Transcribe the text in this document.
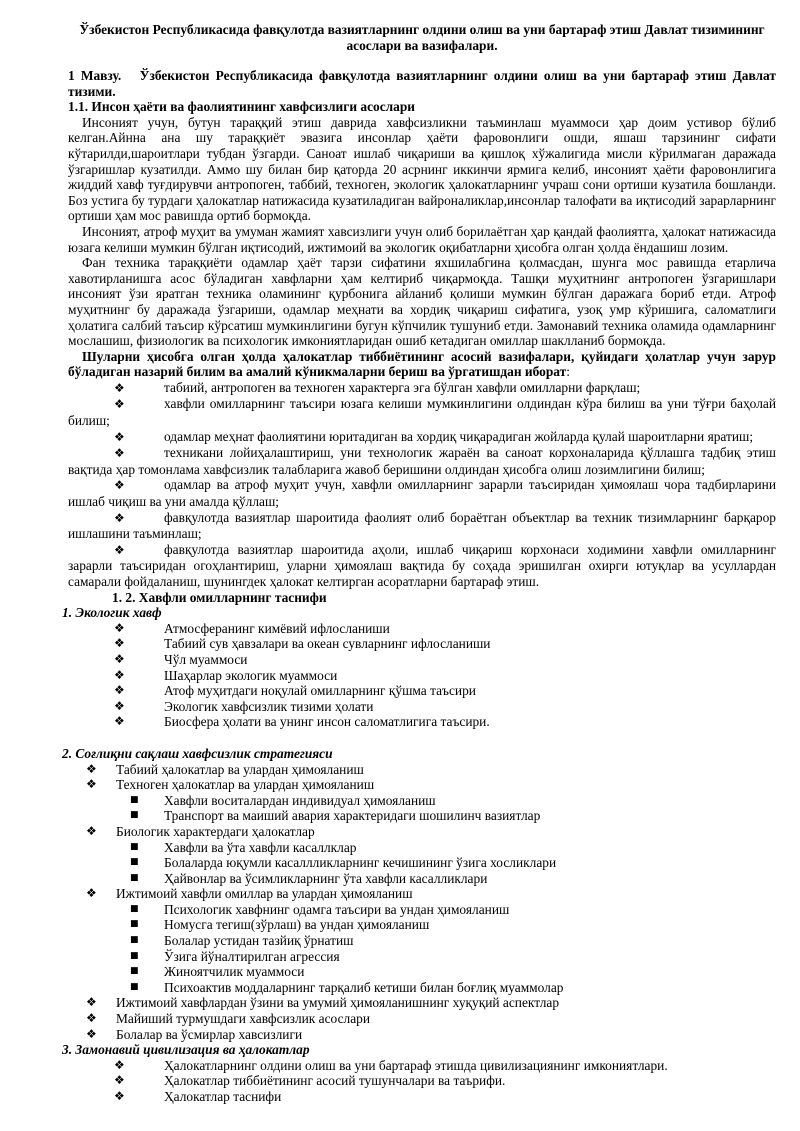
Ўзбекистон Республикасида фавқулотда вазиятларнинг олдини олиш ва уни бартараф этиш Давлат тизимининг асослари ва вазифалари.

1 Мавзу. Ўзбекистон Республикасида фавқулотда вазиятларнинг олдини олиш ва уни бартараф этиш Давлат тизими.

1.1. Инсон ҳаёти ва фаолиятининг хавфсизлиги асослари

Инсоният учун, бутун тараққий этиш даврида хавфсизликни таъминлаш муаммоси ҳар доим устивор бўлиб келган.Айнна ана шу тараққиёт эвазига инсонлар ҳаёти фаровонлиги ошди, яшаш тарзининг сифати кўтарилди,шароитлари тубдан ўзгарди. Саноат ишлаб чиқариши ва қишлоқ хўжалигида мисли кўрилмаган даражада ўзгаришлар кузатилди. Аммо шу билан бир қаторда 20 асрнинг иккинчи ярмига келиб, инсоният ҳаёти фаровонлигига жиддий хавф туғдирувчи антропоген, таббий, техноген, экологик ҳалокатларнинг учраш сони ортиши кузатила бошланди. Боз устига бу турдаги ҳалокатлар натижасида кузатиладиган вайроналиклар,инсонлар талофати ва иқтисодий зарарларнинг ортиши ҳам мос равишда ортиб бормоқда.

Инсоният, атроф муҳит ва умуман жамият хавсизлиги учун олиб борилаётган ҳар қандай фаолиятга, ҳалокат натижасида юзага келиши мумкин бўлган иқтисодий, ижтимоий ва экологик оқибатларни ҳисобга олган ҳолда ёндашиш лозим.

Фан техника тараққиёти одамлар ҳаёт тарзи сифатини яхшилабгина қолмасдан, шунга мос равишда етарлича хавотирланишга асос бўладиган хавфларни ҳам келтириб чиқармоқда. Ташқи муҳитнинг антропоген ўзгаришлари инсоният ўзи яратган техника оламининг қурбонига айланиб қолиши мумкин бўлган даражага бориб етди. Атроф муҳитнинг бу даражада ўзгариши, одамлар меҳнати ва хордиқ чиқариш сифатига, узоқ умр кўришига, саломатлиги ҳолатига салбий таъсир кўрсатиш мумкинлигини бугун кўпчилик тушуниб етди. Замонавий техника оламида одамларнинг мослашиш, физиологик ва психологик имкониятларидан ошиб кетадиган омиллар шаклланиб бормоқда.

Шуларни ҳисобга олган ҳолда ҳалокатлар тиббиётининг асосий вазифалари, қуйидаги ҳолатлар учун зарур бўладиган назарий билим ва амалий кўникмаларни бериш ва ўргатишдан иборат:

❖	табиий, антропоген ва техноген характерга эга бўлган хавфли омилларни фарқлаш;

❖	хавфли омилларнинг таъсири юзага келиши мумкинлигини олдиндан кўра билиш ва уни тўғри баҳолай билиш;

❖	одамлар меҳнат фаолиятини юритадиган ва хордиқ чиқарадиган жойларда қулай шароитларни яратиш;

❖	техникани лойиҳалаштириш, уни технологик жараён ва саноат корхоналарида қўллашга тадбиқ этиш вақтида ҳар томонлама хавфсизлик талабларига жавоб беришини олдиндан ҳисобга олиш лозимлигини билиш;

❖	одамлар ва атроф муҳит учун, хавфли омилларнинг зарарли таъсиридан ҳимоялаш чора тадбирларини ишлаб чиқиш ва уни амалда қўллаш;

❖	фавқулотда вазиятлар шароитида фаолият олиб бораётган объектлар ва техник тизимларнинг барқарор ишлашини таъминлаш;

❖	фавқулотда вазиятлар шароитида аҳоли, ишлаб чиқариш корхонаси ходимини хавфли омилларнинг зарарли таъсиридан огоҳлантириш, уларни ҳимоялаш вақтида бу соҳада эришилган охирги ютуқлар ва усуллардан самарали фойдаланиш, шунингдек ҳалокат келтирган асоратларни бартараф этиш.

1. 2. Хавфли омилларнинг таснифи
1. Экологик хавф
❖	Атмосферанинг кимёвий ифлосланиши
❖	Табиий сув ҳавзалари ва океан сувларнинг ифлосланиши
❖	Чўл муаммоси
❖	Шаҳарлар экологик муаммоси
❖	Атоф муҳитдаги ноқулай омилларнинг қўшма таъсири
❖	Экологик хавфсизлик тизими ҳолати
❖	Биосфера ҳолати ва унинг инсон саломатлигига таъсири.
2. Соғлиқни сақлаш хавфсизлик стратегияси
❖	Табиий ҳалокатлар ва улардан ҳимояланиш
❖	Техноген ҳалокатлар ва улардан ҳимояланиш
■	Хавфли воситалардан индивидуал ҳимояланиш
■	Транспорт ва маиший авария характеридаги шошилинч вазиятлар
❖	Биологик характердаги ҳалокатлар
■	Хавфли ва ўта хавфли касаллклар
■	Болаларда юқумли касаллликларнинг кечишининг ўзига хосликлари
■	Ҳайвонлар ва ўсимликларнинг ўта хавфли касалликлари
❖	Ижтимоий хавфли омиллар ва улардан ҳимояланиш
■	Психологик хавфнинг одамга таъсири ва ундан ҳимояланиш
■	Номусга тегиш(зўрлаш) ва ундан ҳимояланиш
■	Болалар устидан тазйиқ ўрнатиш
■	Ўзига йўналтирилган агрессия
■	Жиноятчилик муаммоси
■	Психоактив моддаларнинг тарқалиб кетиши билан боғлиқ муаммолар
❖	Ижтимоий хавфлардан ўзини ва умумий ҳимояланишнинг хуқуқий аспектлар
❖	Майиший турмушдаги хавфсизлик асослари
❖	Болалар ва ўсмирлар хавсизлиги
3. Замонавий цивилизация ва ҳалокатлар
❖	Ҳалокатларнинг олдини олиш ва уни бартараф этишда цивилизациянинг имкониятлари.
❖	Ҳалокатлар тиббиётининг асосий тушунчалари ва таърифи.
❖	Ҳалокатлар таснифи
